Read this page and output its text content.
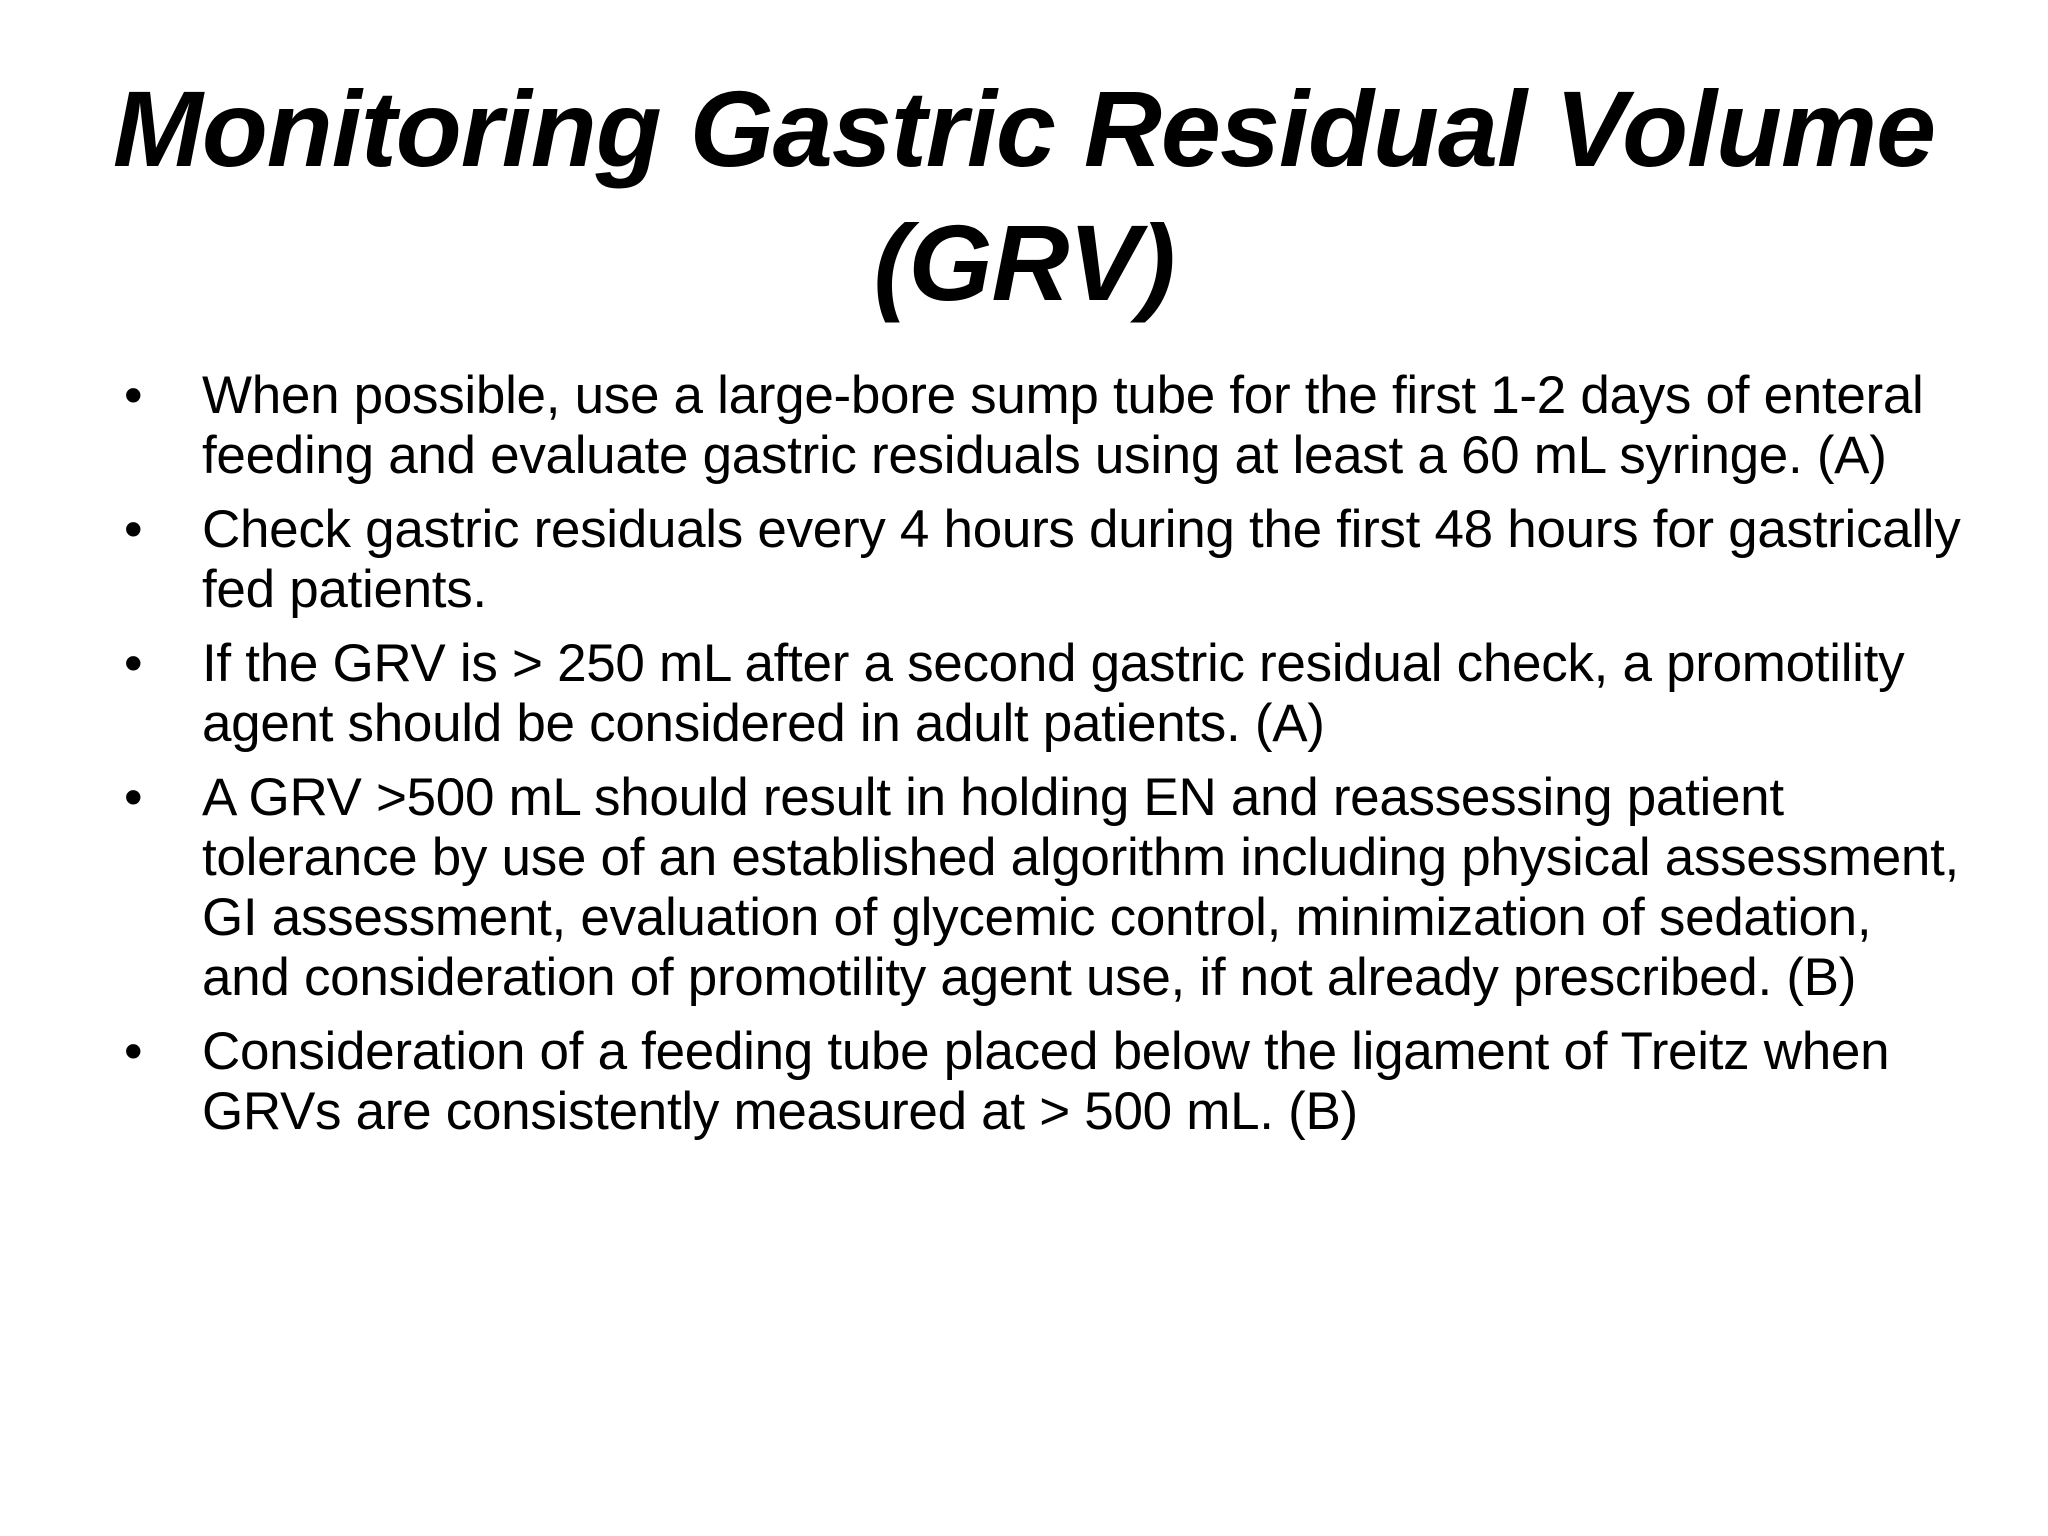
Monitoring Gastric Residual Volume (GRV)
• When possible, use a large-bore sump tube for the first 1-2 days of enteral feeding and evaluate gastric residuals using at least a 60 mL syringe. (A)
• Check gastric residuals every 4 hours during the first 48 hours for gastrically fed patients.
• If the GRV is > 250 mL after a second gastric residual check, a promotility agent should be considered in adult patients. (A)
• A GRV >500 mL should result in holding EN and reassessing patient tolerance by use of an established algorithm including physical assessment, GI assessment, evaluation of glycemic control, minimization of sedation, and consideration of promotility agent use, if not already prescribed. (B)
• Consideration of a feeding tube placed below the ligament of Treitz when GRVs are consistently measured at > 500 mL. (B)
